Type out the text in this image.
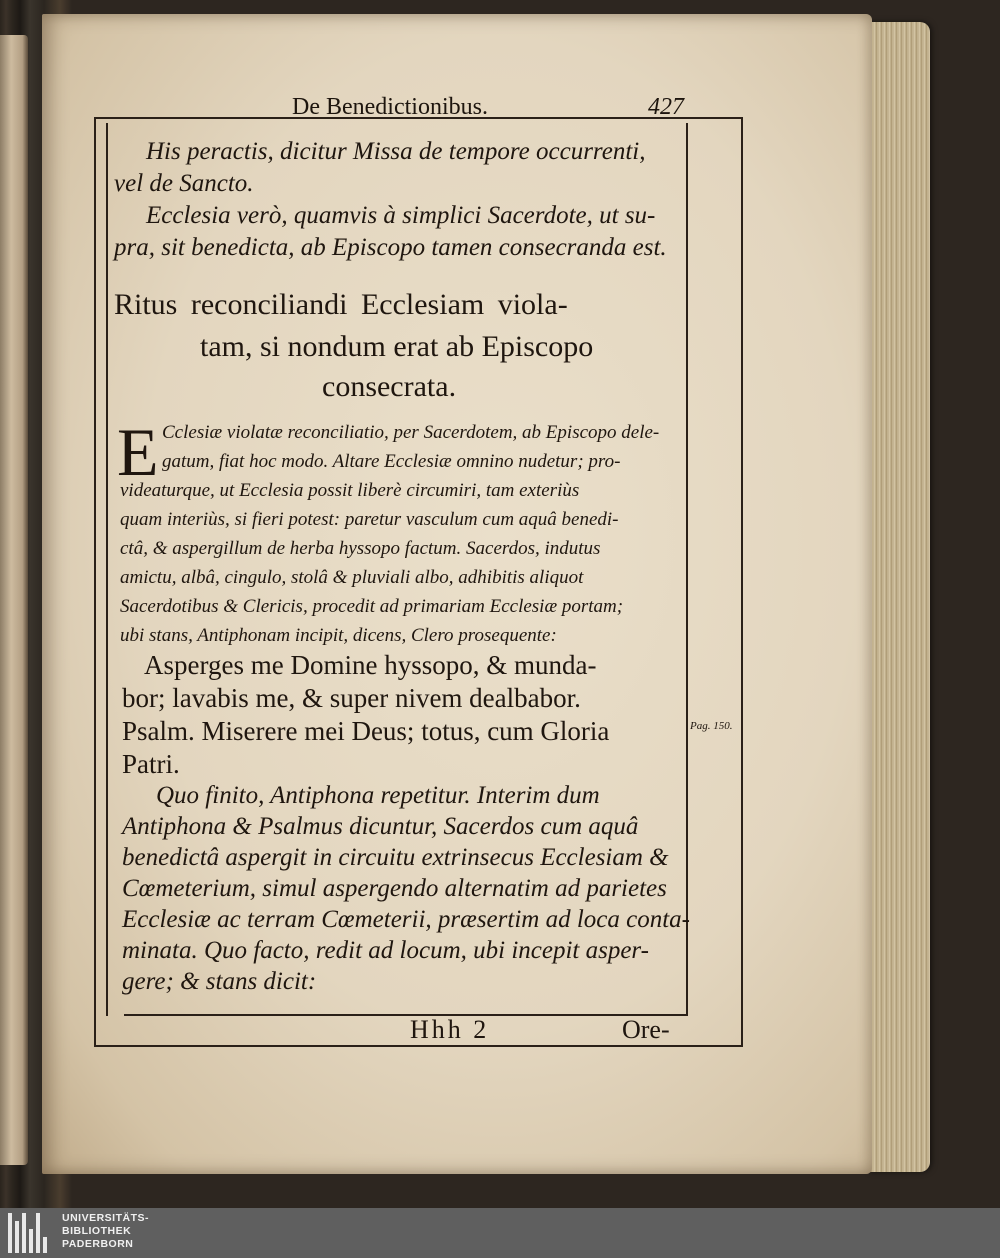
De Benedictionibus.	427
His peractis, dicitur Missa de tempore occurrenti,
vel de Sancto.
Ecclesia verò, quamvis à simplici Sacerdote, ut su-
pra, sit benedicta, ab Episcopo tamen consecranda est.
Ritus reconciliandi Ecclesiam viola-
tam, si nondum erat ab Episcopo
consecrata.
E Cclesiæ violatæ reconciliatio, per Sacerdotem, ab Episcopo dele-
gatum, fiat hoc modo. Altare Ecclesiæ omnino nudetur; pro-
videaturque, ut Ecclesia possit liberè circumiri, tam exteriùs
quam interiùs, si fieri potest: paretur vasculum cum aquâ benedi-
ctâ, & aspergillum de herba hyssopo factum. Sacerdos, indutus
amictu, albâ, cingulo, stolâ & pluviali albo, adhibitis aliquot
Sacerdotibus & Clericis, procedit ad primariam Ecclesiæ portam;
ubi stans, Antiphonam incipit, dicens, Clero prosequente:
Asperges me Domine hyssopo, & munda-
bor; lavabis me, & super nivem dealbabor.
Psalm. Miserere mei Deus; totus, cum Gloria
Patri.
Pag. 150.
Quo finito, Antiphona repetitur. Interim dum
Antiphona & Psalmus dicuntur, Sacerdos cum aquâ
benedictâ aspergit in circuitu extrinsecus Ecclesiam &
Cœmeterium, simul aspergendo alternatim ad parietes
Ecclesiæ ac terram Cœmeterii, præsertim ad loca conta-
minata. Quo facto, redit ad locum, ubi incepit asper-
gere; & stans dicit:
Hhh 2	Ore-
UNIVERSITÄTS-
BIBLIOTHEK
PADERBORN
